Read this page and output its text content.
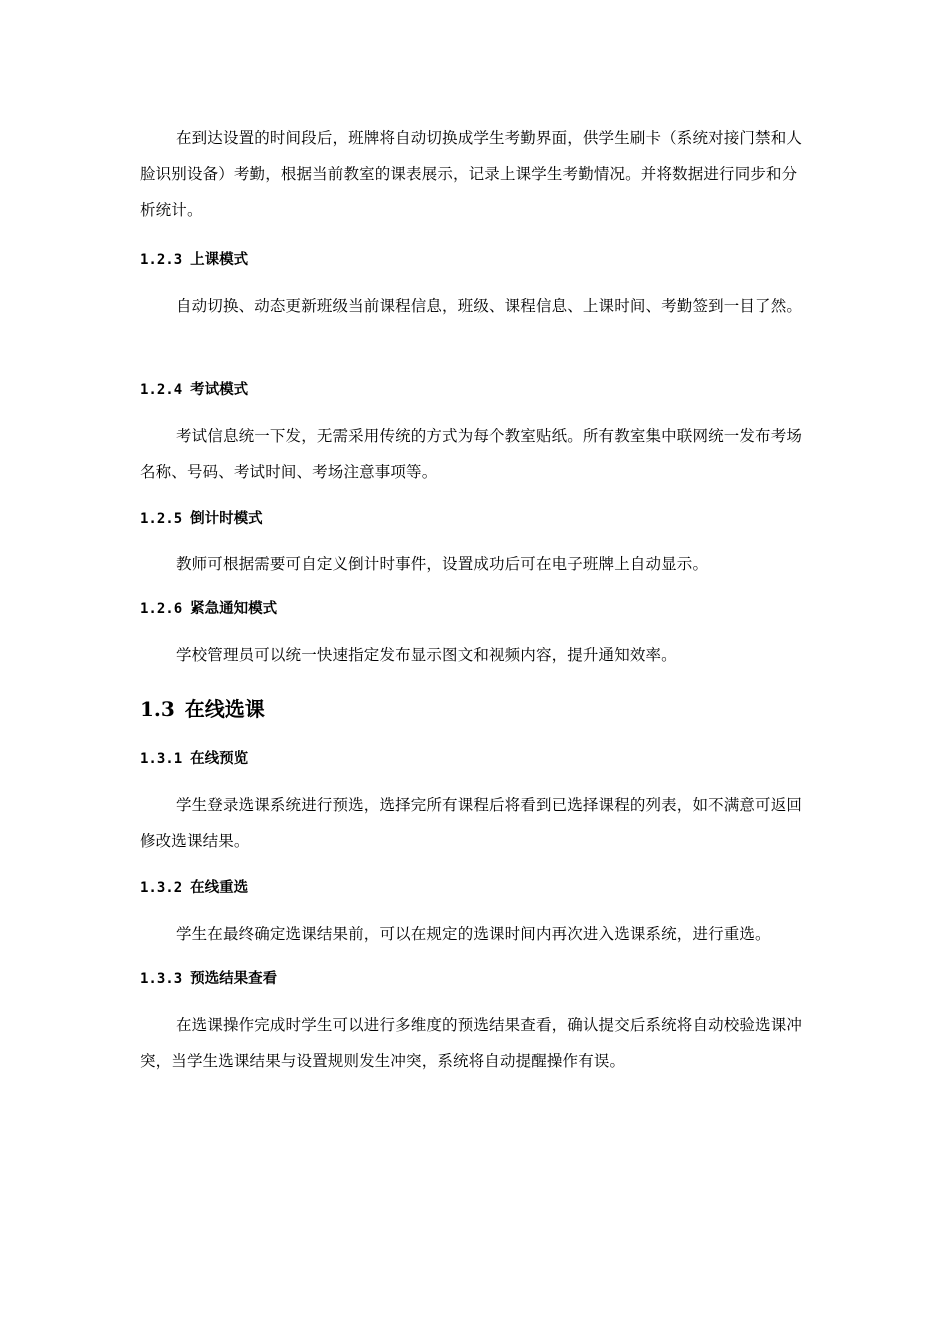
在到达设置的时间段后，班牌将自动切换成学生考勤界面，供学生刷卡（系统对接门禁和人脸识别设备）考勤，根据当前教室的课表展示，记录上课学生考勤情况。并将数据进行同步和分析统计。

1.2.3 上课模式

自动切换、动态更新班级当前课程信息，班级、课程信息、上课时间、考勤签到一目了然。

1.2.4 考试模式

考试信息统一下发，无需采用传统的方式为每个教室贴纸。所有教室集中联网统一发布考场名称、号码、考试时间、考场注意事项等。

1.2.5 倒计时模式

教师可根据需要可自定义倒计时事件，设置成功后可在电子班牌上自动显示。

1.2.6 紧急通知模式

学校管理员可以统一快速指定发布显示图文和视频内容，提升通知效率。

1.3 在线选课
1.3.1 在线预览

学生登录选课系统进行预选，选择完所有课程后将看到已选择课程的列表，如不满意可返回修改选课结果。

1.3.2 在线重选

学生在最终确定选课结果前，可以在规定的选课时间内再次进入选课系统，进行重选。

1.3.3 预选结果查看

在选课操作完成时学生可以进行多维度的预选结果查看，确认提交后系统将自动校验选课冲突，当学生选课结果与设置规则发生冲突，系统将自动提醒操作有误。
